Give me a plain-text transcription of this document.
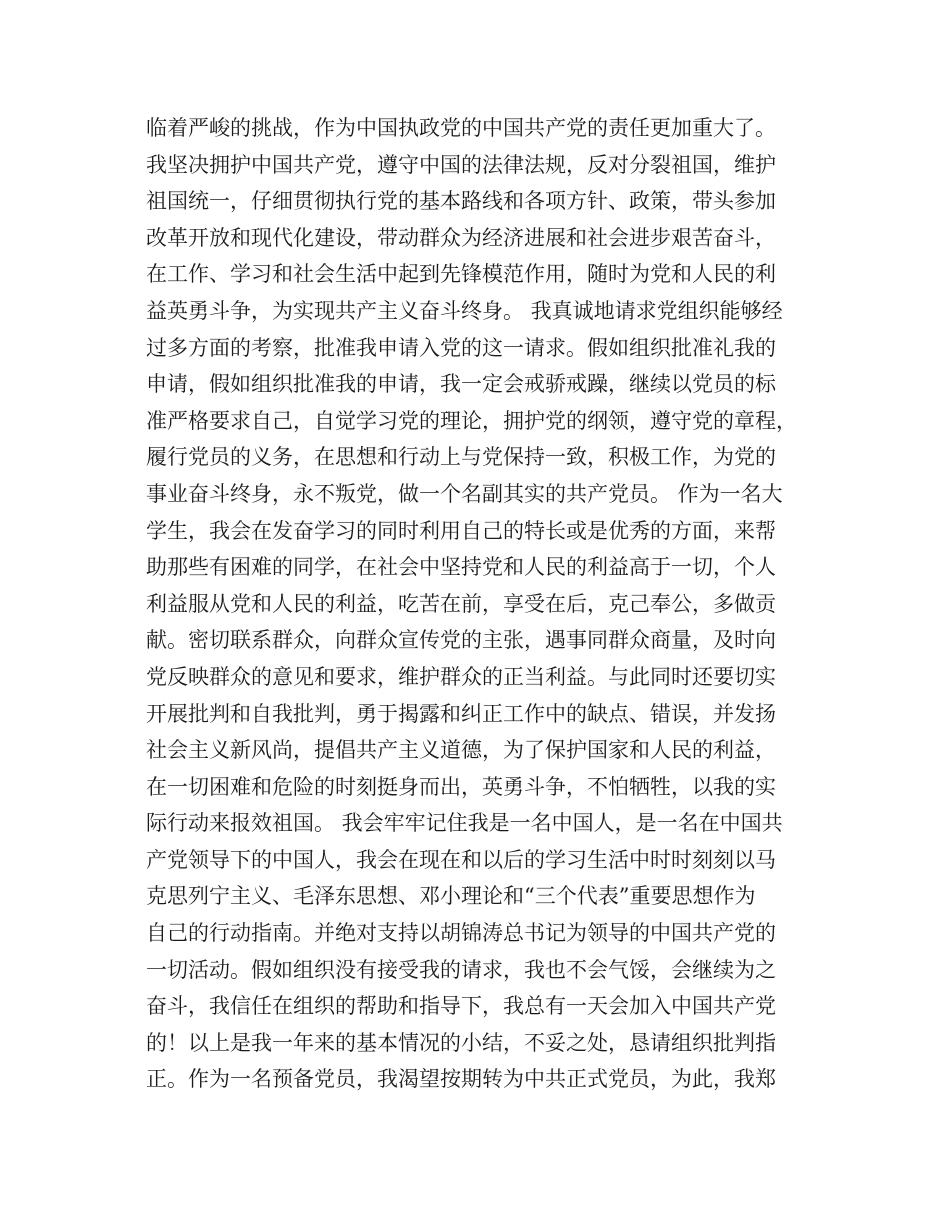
临着严峻的挑战，作为中国执政党的中国共产党的责任更加重大了。
我坚决拥护中国共产党，遵守中国的法律法规，反对分裂祖国，维护
祖国统一，仔细贯彻执行党的基本路线和各项方针、政策，带头参加
改革开放和现代化建设，带动群众为经济进展和社会进步艰苦奋斗，
在工作、学习和社会生活中起到先锋模范作用，随时为党和人民的利
益英勇斗争，为实现共产主义奋斗终身。 我真诚地请求党组织能够经
过多方面的考察，批准我申请入党的这一请求。假如组织批准礼我的
申请，假如组织批准我的申请，我一定会戒骄戒躁，继续以党员的标
准严格要求自己，自觉学习党的理论，拥护党的纲领，遵守党的章程，
履行党员的义务，在思想和行动上与党保持一致，积极工作，为党的
事业奋斗终身，永不叛党，做一个名副其实的共产党员。 作为一名大
学生，我会在发奋学习的同时利用自己的特长或是优秀的方面，来帮
助那些有困难的同学，在社会中坚持党和人民的利益高于一切，个人
利益服从党和人民的利益，吃苦在前，享受在后，克己奉公，多做贡
献。密切联系群众，向群众宣传党的主张，遇事同群众商量，及时向
党反映群众的意见和要求，维护群众的正当利益。与此同时还要切实
开展批判和自我批判，勇于揭露和纠正工作中的缺点、错误，并发扬
社会主义新风尚，提倡共产主义道德，为了保护国家和人民的利益，
在一切困难和危险的时刻挺身而出，英勇斗争，不怕牺牲，以我的实
际行动来报效祖国。 我会牢牢记住我是一名中国人，是一名在中国共
产党领导下的中国人，我会在现在和以后的学习生活中时时刻刻以马
克思列宁主义、毛泽东思想、邓小理论和“三个代表”重要思想作为
自己的行动指南。并绝对支持以胡锦涛总书记为领导的中国共产党的
一切活动。假如组织没有接受我的请求，我也不会气馁，会继续为之
奋斗，我信任在组织的帮助和指导下，我总有一天会加入中国共产党
的！以上是我一年来的基本情况的小结，不妥之处，恳请组织批判指
正。作为一名预备党员，我渴望按期转为中共正式党员，为此，我郑
